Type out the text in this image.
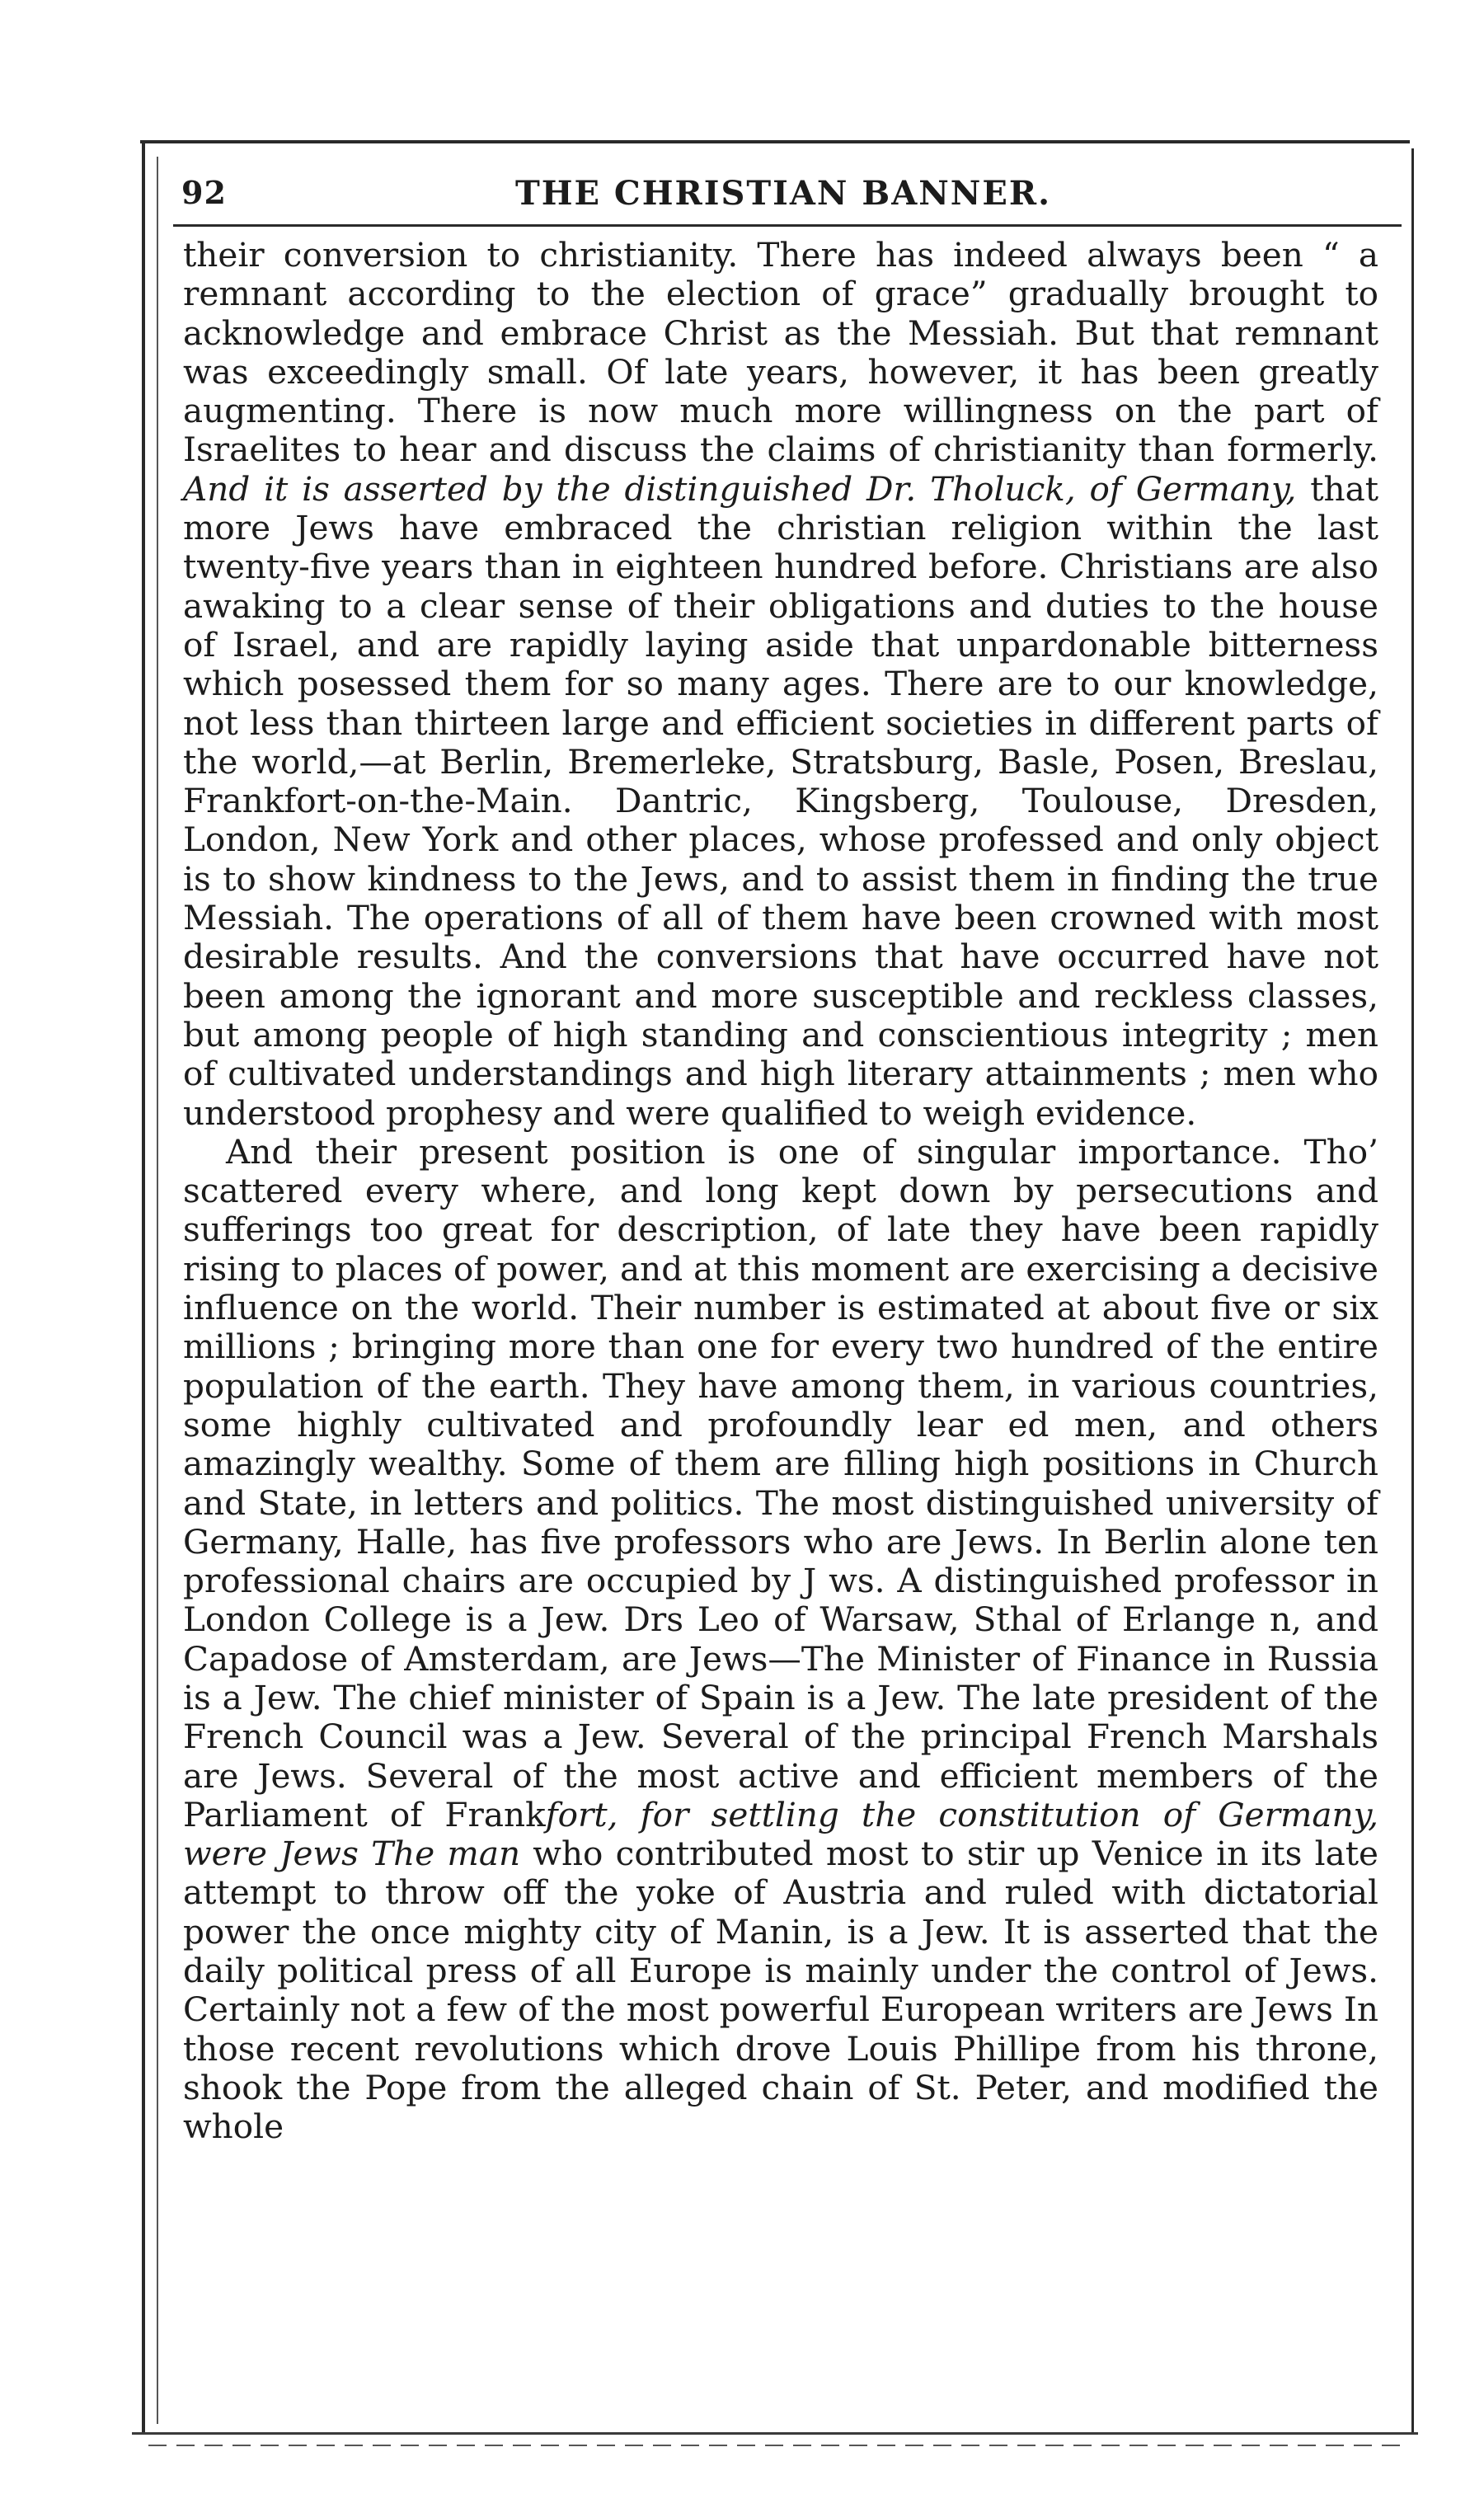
92	THE CHRISTIAN BANNER.

their conversion to christianity. There has indeed always been “ a remnant according to the election of grace” gradually brought to acknowledge and embrace Christ as the Messiah. But that remnant was exceedingly small. Of late years, however, it has been greatly augmenting. There is now much more willingness on the part of Israelites to hear and discuss the claims of christianity than formerly. And it is asserted by the distinguished Dr. Tholuck, of Germany, that more Jews have embraced the christian religion within the last twenty-five years than in eighteen hundred before. Christians are also awaking to a clear sense of their obligations and duties to the house of Israel, and are rapidly laying aside that unpardonable bitterness which posessed them for so many ages. There are to our knowledge, not less than thirteen large and efficient societies in different parts of the world,—at Berlin, Bremerleke, Stratsburg, Basle, Posen, Breslau, Frankfort-on-the-Main. Dantric, Kingsberg, Toulouse, Dresden, London, New York and other places, whose professed and only object is to show kindness to the Jews, and to assist them in finding the true Messiah. The operations of all of them have been crowned with most desirable results. And the conversions that have occurred have not been among the ignorant and more susceptible and reckless classes, but among people of high standing and conscientious integrity ; men of cultivated understandings and high literary attainments ; men who understood prophesy and were qualified to weigh evidence.

And their present position is one of singular importance. Tho’ scattered every where, and long kept down by persecutions and sufferings too great for description, of late they have been rapidly rising to places of power, and at this moment are exercising a decisive influence on the world. Their number is estimated at about five or six millions ; bringing more than one for every two hundred of the entire population of the earth. They have among them, in various countries, some highly cultivated and profoundly lear ed men, and others amazingly wealthy. Some of them are filling high positions in Church and State, in letters and politics. The most distinguished university of Germany, Halle, has five professors who are Jews. In Berlin alone ten professional chairs are occupied by J ws. A distinguished professor in London College is a Jew. Drs Leo of Warsaw, Sthal of Erlange n, and Capadose of Amsterdam, are Jews—The Minister of Finance in Russia is a Jew. The chief minister of Spain is a Jew. The late president of the French Council was a Jew. Several of the principal French Marshals are Jews. Several of the most active and efficient members of the Parliament of Frankfort, for settling the constitution of Germany, were Jews The man who contributed most to stir up Venice in its late attempt to throw off the yoke of Austria and ruled with dictatorial power the once mighty city of Manin, is a Jew. It is asserted that the daily political press of all Europe is mainly under the control of Jews. Certainly not a few of the most powerful European writers are Jews In those recent revolutions which drove Louis Phillipe from his throne, shook the Pope from the alleged chain of St. Peter, and modified the whole
